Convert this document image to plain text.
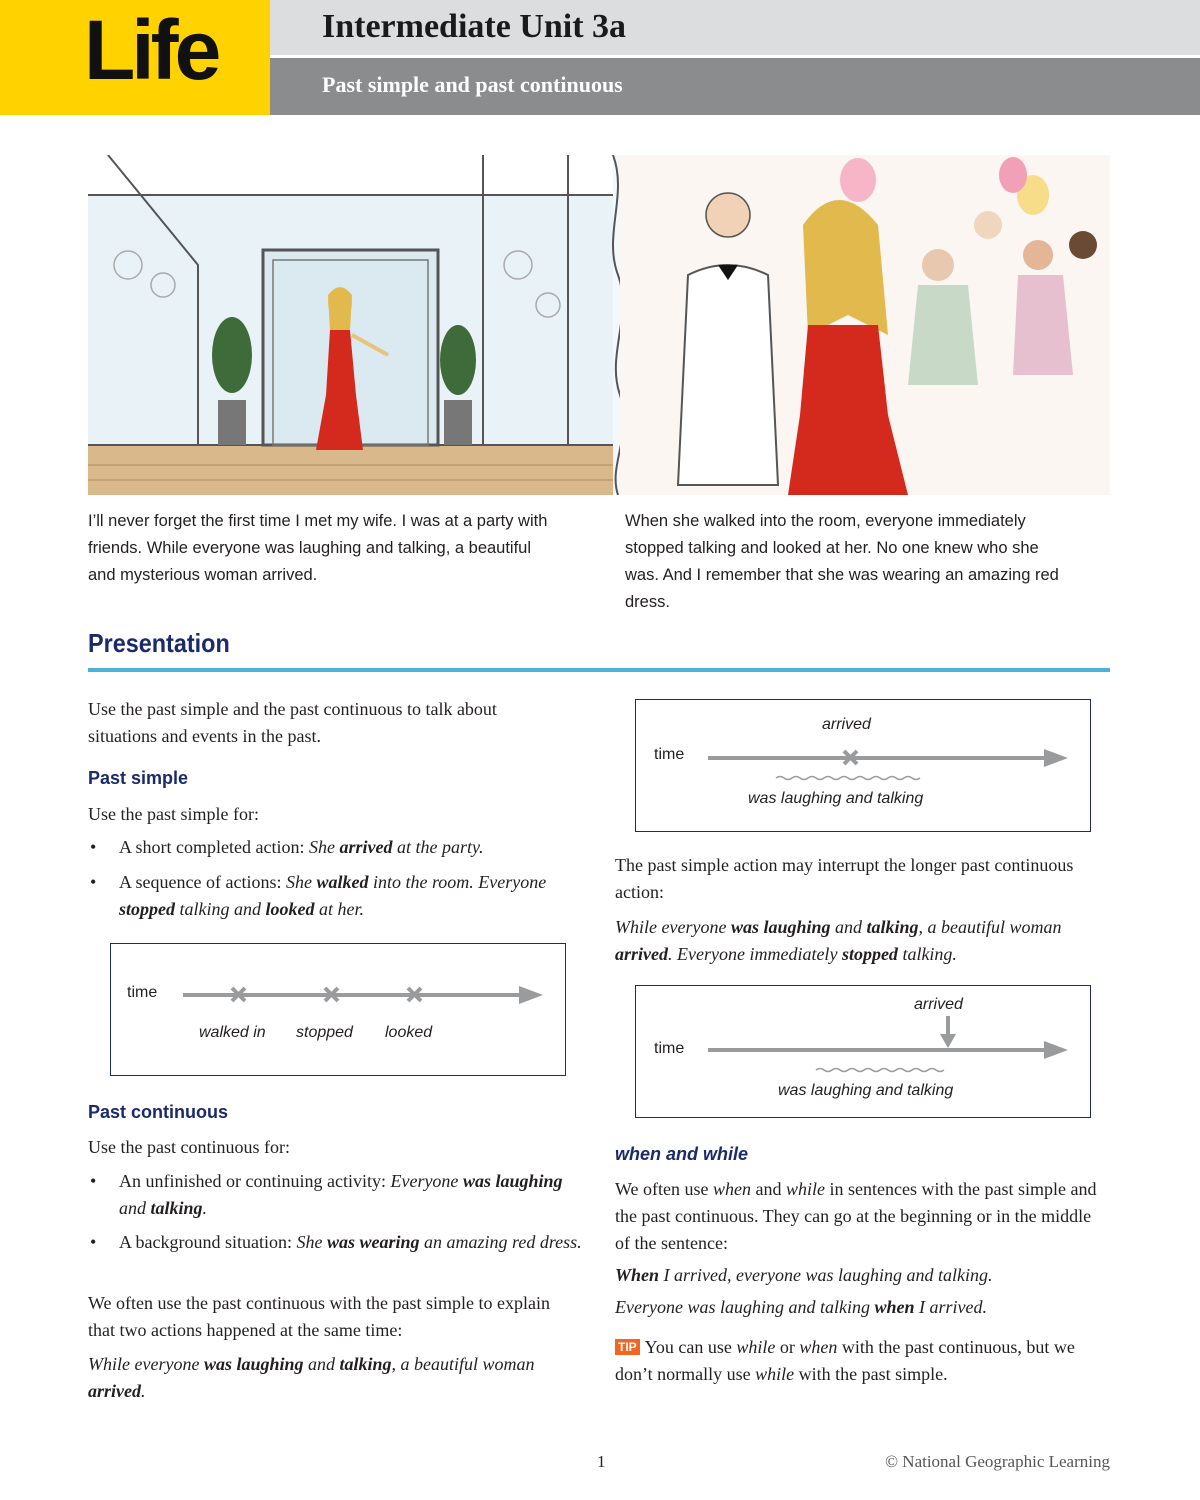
Life	Intermediate Unit 3a
Past simple and past continuous

I’ll never forget the first time I met my wife. I was at a party with friends. While everyone was laughing and talking, a beautiful and mysterious woman arrived.

When she walked into the room, everyone immediately stopped talking and looked at her. No one knew who she was. And I remember that she was wearing an amazing red dress.

Presentation

Use the past simple and the past continuous to talk about situations and events in the past.

Past simple

Use the past simple for:

• A short completed action: She arrived at the party.

• A sequence of actions: She walked into the room. Everyone stopped talking and looked at her.

time
walked in stopped looked

Past continuous

Use the past continuous for:

• An unfinished or continuing activity: Everyone was laughing and talking.

• A background situation: She was wearing an amazing red dress.

We often use the past continuous with the past simple to explain that two actions happened at the same time:

While everyone was laughing and talking, a beautiful woman arrived.

time
arrived
was laughing and talking

The past simple action may interrupt the longer past continuous action:

While everyone was laughing and talking, a beautiful woman arrived. Everyone immediately stopped talking.

time
arrived
was laughing and talking

when and while

We often use when and while in sentences with the past simple and the past continuous. They can go at the beginning or in the middle of the sentence:

When I arrived, everyone was laughing and talking.

Everyone was laughing and talking when I arrived.

TIP You can use while or when with the past continuous, but we don’t normally use while with the past simple.

1	© National Geographic Learning
